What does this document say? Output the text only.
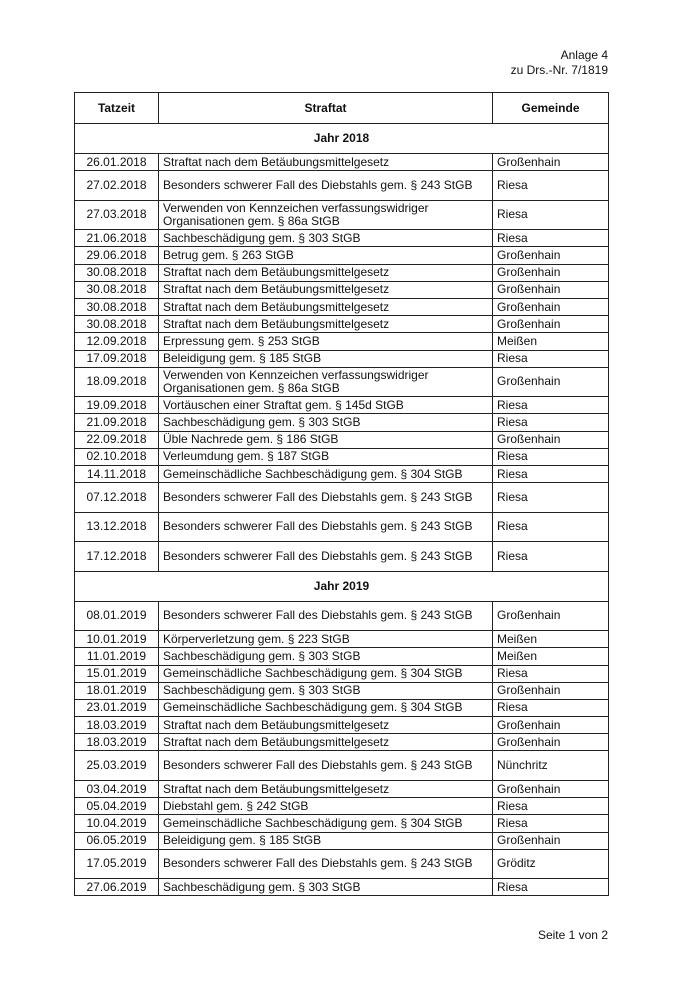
Anlage 4
zu Drs.-Nr. 7/1819
Tatzeit	Straftat	Gemeinde
Jahr 2018		
26.01.2018	Straftat nach dem Betäubungsmittelgesetz	Großenhain
27.02.2018	Besonders schwerer Fall des Diebstahls gem. § 243 StGB	Riesa
27.03.2018	Verwenden von Kennzeichen verfassungswidriger Organisationen gem. § 86a StGB	Riesa
21.06.2018	Sachbeschädigung gem. § 303 StGB	Riesa
29.06.2018	Betrug gem. § 263 StGB	Großenhain
30.08.2018	Straftat nach dem Betäubungsmittelgesetz	Großenhain
30.08.2018	Straftat nach dem Betäubungsmittelgesetz	Großenhain
30.08.2018	Straftat nach dem Betäubungsmittelgesetz	Großenhain
30.08.2018	Straftat nach dem Betäubungsmittelgesetz	Großenhain
12.09.2018	Erpressung gem. § 253 StGB	Meißen
17.09.2018	Beleidigung gem. § 185 StGB	Riesa
18.09.2018	Verwenden von Kennzeichen verfassungswidriger Organisationen gem. § 86a StGB	Großenhain
19.09.2018	Vortäuschen einer Straftat gem. § 145d StGB	Riesa
21.09.2018	Sachbeschädigung gem. § 303 StGB	Riesa
22.09.2018	Üble Nachrede gem. § 186 StGB	Großenhain
02.10.2018	Verleumdung gem. § 187 StGB	Riesa
14.11.2018	Gemeinschädliche Sachbeschädigung gem. § 304 StGB	Riesa
07.12.2018	Besonders schwerer Fall des Diebstahls gem. § 243 StGB	Riesa
13.12.2018	Besonders schwerer Fall des Diebstahls gem. § 243 StGB	Riesa
17.12.2018	Besonders schwerer Fall des Diebstahls gem. § 243 StGB	Riesa
Jahr 2019		
08.01.2019	Besonders schwerer Fall des Diebstahls gem. § 243 StGB	Großenhain
10.01.2019	Körperverletzung gem. § 223 StGB	Meißen
11.01.2019	Sachbeschädigung gem. § 303 StGB	Meißen
15.01.2019	Gemeinschädliche Sachbeschädigung gem. § 304 StGB	Riesa
18.01.2019	Sachbeschädigung gem. § 303 StGB	Großenhain
23.01.2019	Gemeinschädliche Sachbeschädigung gem. § 304 StGB	Riesa
18.03.2019	Straftat nach dem Betäubungsmittelgesetz	Großenhain
18.03.2019	Straftat nach dem Betäubungsmittelgesetz	Großenhain
25.03.2019	Besonders schwerer Fall des Diebstahls gem. § 243 StGB	Nünchritz
03.04.2019	Straftat nach dem Betäubungsmittelgesetz	Großenhain
05.04.2019	Diebstahl gem. § 242 StGB	Riesa
10.04.2019	Gemeinschädliche Sachbeschädigung gem. § 304 StGB	Riesa
06.05.2019	Beleidigung gem. § 185 StGB	Großenhain
17.05.2019	Besonders schwerer Fall des Diebstahls gem. § 243 StGB	Gröditz
27.06.2019	Sachbeschädigung gem. § 303 StGB	Riesa
Seite 1 von 2
